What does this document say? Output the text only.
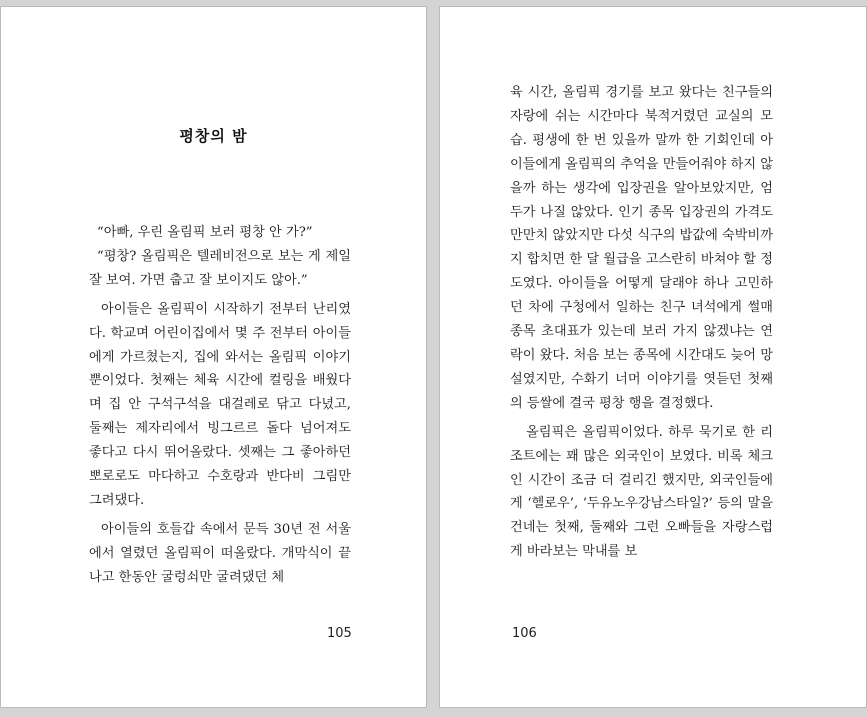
평창의 밤

“아빠, 우린 올림픽 보러 평창 안 가?”

“평창? 올림픽은 텔레비전으로 보는 게 제일 잘 보여. 가면 춥고 잘 보이지도 않아.”

아이들은 올림픽이 시작하기 전부터 난리였다. 학교며 어린이집에서 몇 주 전부터 아이들에게 가르쳤는지, 집에 와서는 올림픽 이야기뿐이었다. 첫째는 체육 시간에 컬링을 배웠다며 집 안 구석구석을 대걸레로 닦고 다녔고, 둘째는 제자리에서 빙그르르 돌다 넘어져도 좋다고 다시 뛰어올랐다. 셋째는 그 좋아하던 뽀로로도 마다하고 수호랑과 반다비 그림만 그려댔다.

아이들의 호들갑 속에서 문득 30년 전 서울에서 열렸던 올림픽이 떠올랐다. 개막식이 끝나고 한동안 굴렁쇠만 굴려댔던 체

105

육 시간, 올림픽 경기를 보고 왔다는 친구들의 자랑에 쉬는 시간마다 북적거렸던 교실의 모습. 평생에 한 번 있을까 말까 한 기회인데 아이들에게 올림픽의 추억을 만들어줘야 하지 않을까 하는 생각에 입장권을 알아보았지만, 엄두가 나질 않았다. 인기 종목 입장권의 가격도 만만치 않았지만 다섯 식구의 밥값에 숙박비까지 합치면 한 달 월급을 고스란히 바쳐야 할 정도였다. 아이들을 어떻게 달래야 하나 고민하던 차에 구청에서 일하는 친구 녀석에게 썰매종목 초대표가 있는데 보러 가지 않겠냐는 연락이 왔다. 처음 보는 종목에 시간대도 늦어 망설였지만, 수화기 너머 이야기를 엿듣던 첫째의 등쌀에 결국 평창 행을 결정했다.

올림픽은 올림픽이었다. 하루 묵기로 한 리조트에는 꽤 많은 외국인이 보였다. 비록 체크인 시간이 조금 더 걸리긴 했지만, 외국인들에게 ‘헬로우’, ‘두유노우강남스타일?’ 등의 말을 건네는 첫째, 둘째와 그런 오빠들을 자랑스럽게 바라보는 막내를 보

106
